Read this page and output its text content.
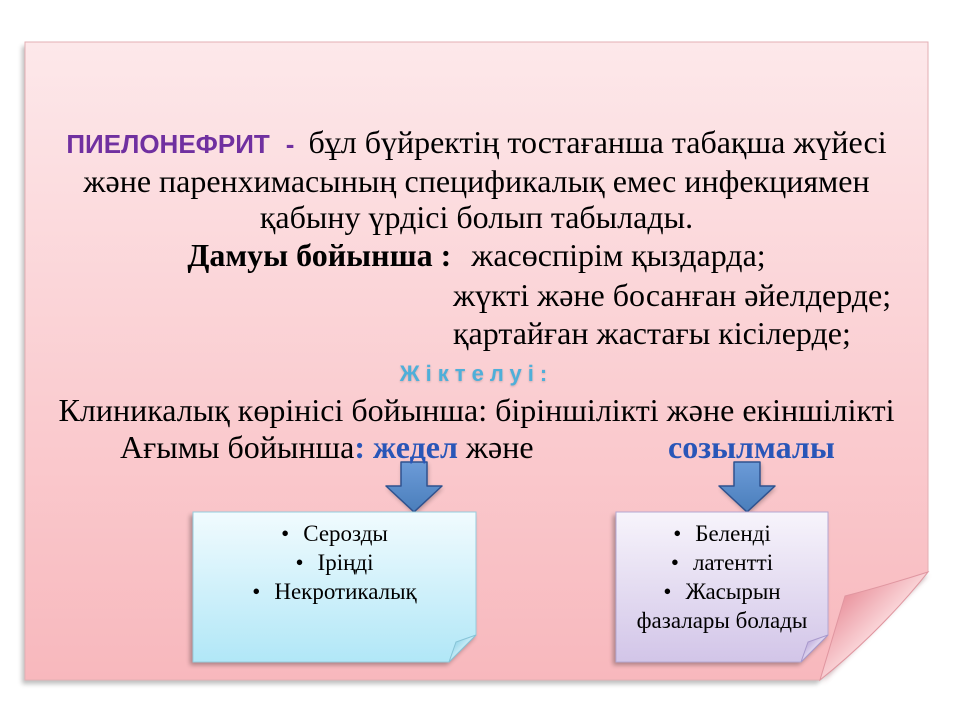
ПИЕЛОНЕФРИТ - бұл бүйректің тостағанша табақша жүйесі
және паренхимасының спецификалық емес инфекциямен
қабыну үрдісі болып табылады.
Дамуы бойынша : жасөспірім қыздарда;
жүкті және босанған әйелдерде;
қартайған жастағы кісілерде;
Жіктелуі:
Клиникалық көрінісі бойынша: біріншілікті және екіншілікті
Ағымы бойынша: жедел және	созылмалы
• Серозды
• Іріңді
• Некротикалық
• Беленді
• латентті
• Жасырын
фазалары болады
